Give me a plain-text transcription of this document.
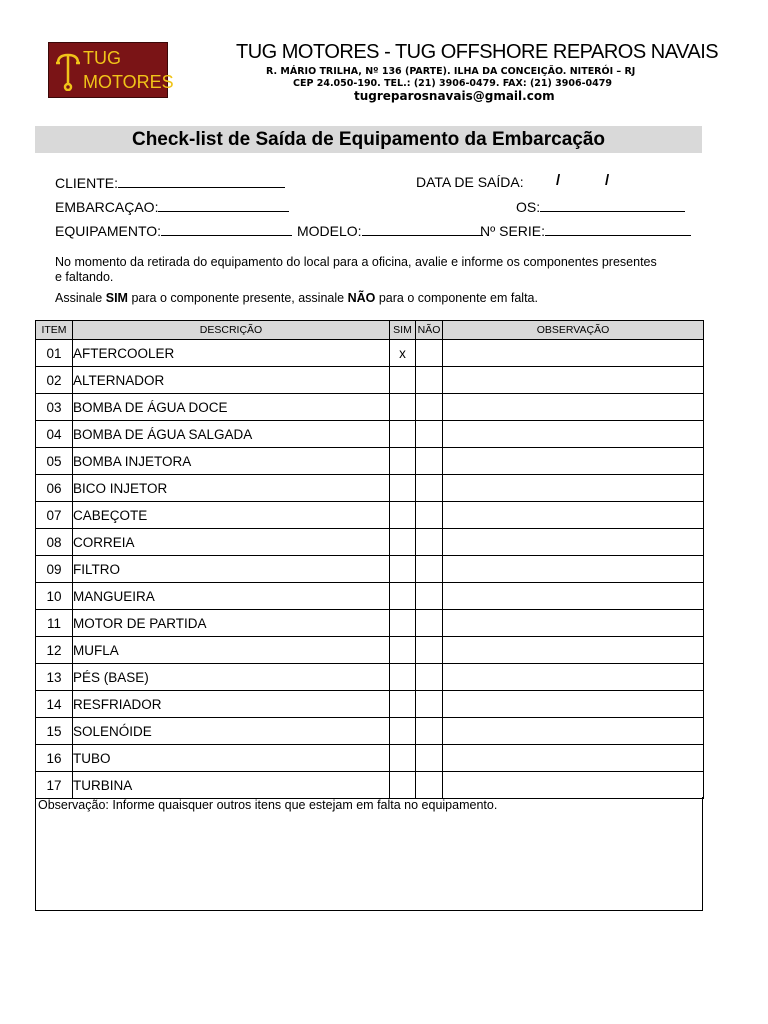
TUG
MOTORES
TUG MOTORES - TUG OFFSHORE REPAROS NAVAIS
R. MÁRIO TRILHA, Nº 136 (PARTE). ILHA DA CONCEIÇÃO. NITERÓI – RJ
CEP 24.050-190. TEL.: (21) 3906-0479. FAX: (21) 3906-0479
tugreparosnavais@gmail.com
Check-list de Saída de Equipamento da Embarcação
CLIENTE:	DATA DE SAÍDA: /	/
EMBARCAÇAO:	OS:
EQUIPAMENTO:	MODELO:	Nº SERIE:
No momento da retirada do equipamento do local para a oficina, avalie e informe os componentes presentes e faltando.
Assinale SIM para o componente presente, assinale NÃO para o componente em falta.
ITEM	DESCRIÇÃO	SIM	NÃO	OBSERVAÇÃO
01	AFTERCOOLER	x		
02	ALTERNADOR			
03	BOMBA DE ÁGUA DOCE			
04	BOMBA DE ÁGUA SALGADA			
05	BOMBA INJETORA			
06	BICO INJETOR			
07	CABEÇOTE			
08	CORREIA			
09	FILTRO			
10	MANGUEIRA			
11	MOTOR DE PARTIDA			
12	MUFLA			
13	PÉS (BASE)			
14	RESFRIADOR			
15	SOLENÓIDE			
16	TUBO			
17	TURBINA			
Observação: Informe quaisquer outros itens que estejam em falta no equipamento.
